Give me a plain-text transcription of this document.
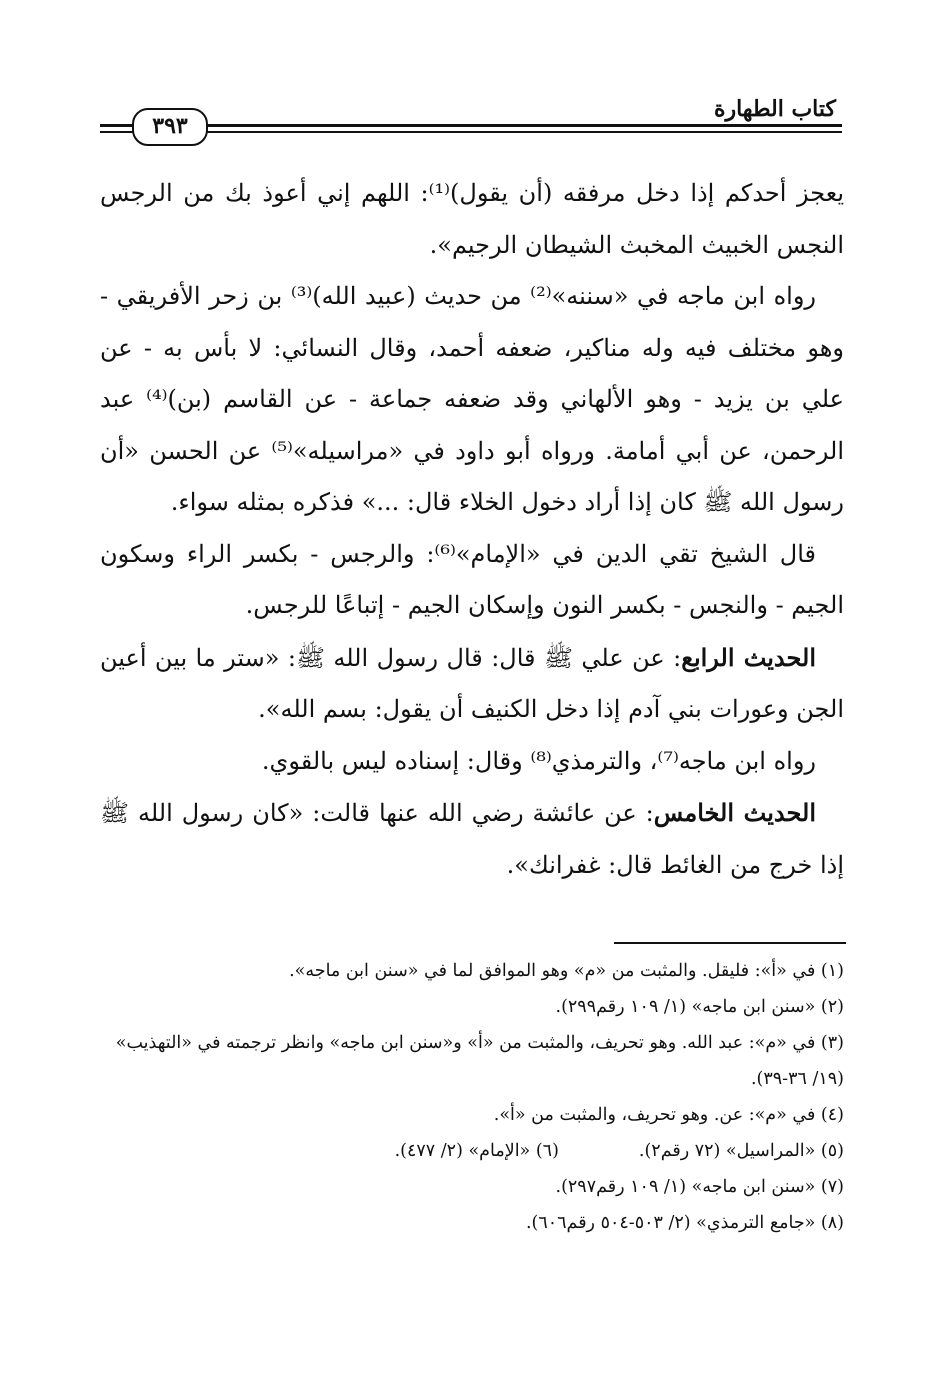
كتاب الطهارة
٣٩٣

يعجز أحدكم إذا دخل مرفقه (أن يقول)⁽¹⁾: اللهم إني أعوذ بك من الرجس النجس الخبيث المخبث الشيطان الرجيم».

رواه ابن ماجه في «سننه»⁽²⁾ من حديث (عبيد الله)⁽³⁾ بن زحر الأفريقي - وهو مختلف فيه وله مناكير، ضعفه أحمد، وقال النسائي: لا بأس به - عن علي بن يزيد - وهو الألهاني وقد ضعفه جماعة - عن القاسم (بن)⁽⁴⁾ عبد الرحمن، عن أبي أمامة. ورواه أبو داود في «مراسيله»⁽⁵⁾ عن الحسن «أن رسول الله ﷺ كان إذا أراد دخول الخلاء قال: ...» فذكره بمثله سواء.

قال الشيخ تقي الدين في «الإمام»⁽⁶⁾: والرجس - بكسر الراء وسكون الجيم - والنجس - بكسر النون وإسكان الجيم - إتباعًا للرجس.

الحديث الرابع: عن علي ﷺ قال: قال رسول الله ﷺ: «ستر ما بين أعين الجن وعورات بني آدم إذا دخل الكنيف أن يقول: بسم الله».

رواه ابن ماجه⁽⁷⁾، والترمذي⁽⁸⁾ وقال: إسناده ليس بالقوي.

الحديث الخامس: عن عائشة رضي الله عنها قالت: «كان رسول الله ﷺ إذا خرج من الغائط قال: غفرانك».

(١) في «أ»: فليقل. والمثبت من «م» وهو الموافق لما في «سنن ابن ماجه».

(٢) «سنن ابن ماجه» (١/ ١٠٩ رقم٢٩٩).

(٣) في «م»: عبد الله. وهو تحريف، والمثبت من «أ» و«سنن ابن ماجه» وانظر ترجمته في «التهذيب» (١٩/ ٣٦-٣٩).

(٤) في «م»: عن. وهو تحريف، والمثبت من «أ».

(٥) «المراسيل» (٧٢ رقم٢).
(٦) «الإمام» (٢/ ٤٧٧).

(٧) «سنن ابن ماجه» (١/ ١٠٩ رقم٢٩٧).

(٨) «جامع الترمذي» (٢/ ٥٠٣-٥٠٤ رقم٦٠٦).
